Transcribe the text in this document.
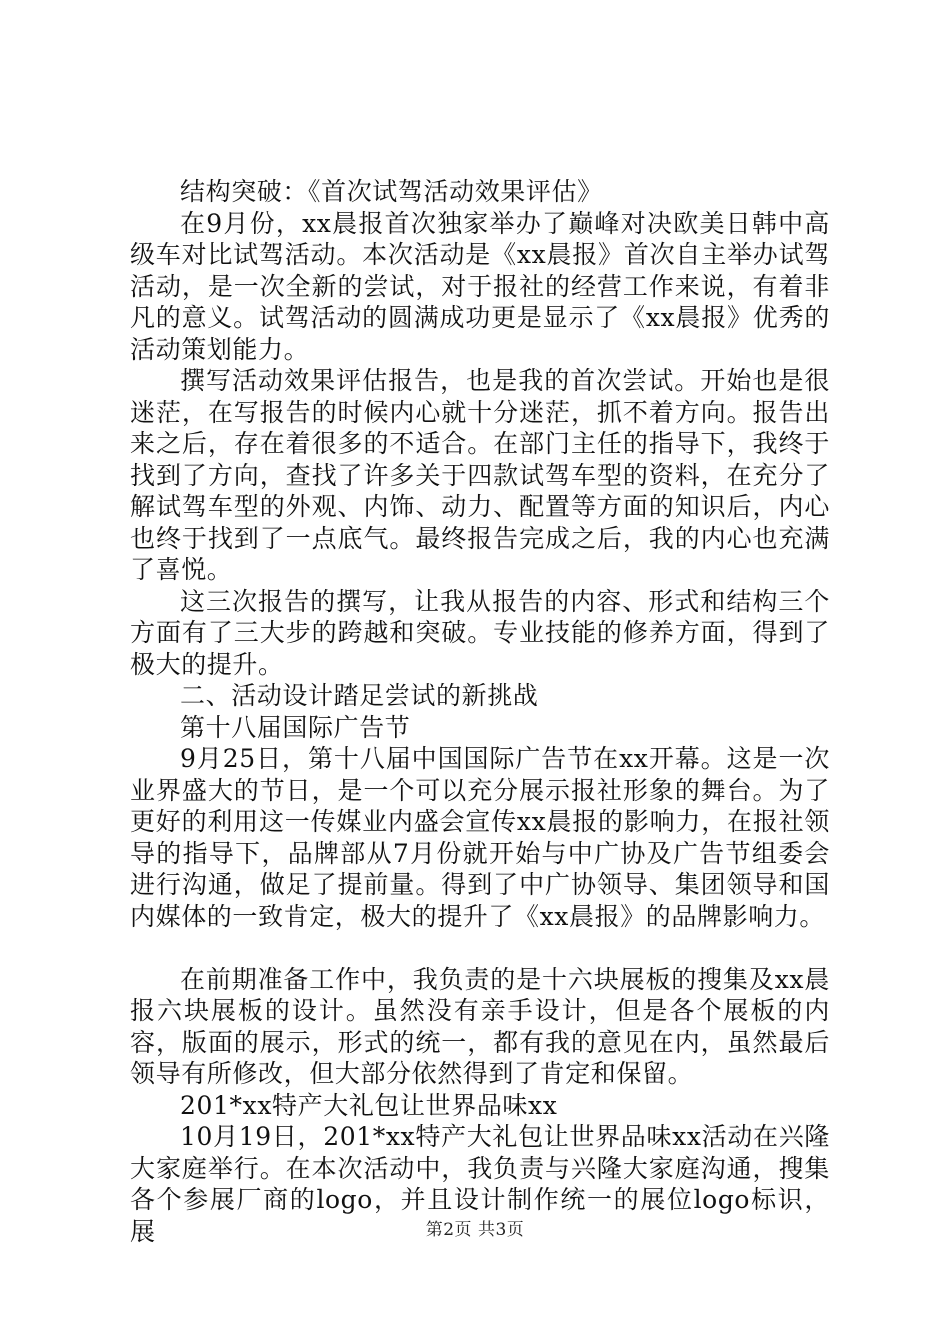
结构突破：《首次试驾活动效果评估》

在9月份，xx晨报首次独家举办了巅峰对决欧美日韩中高级车对比试驾活动。本次活动是《xx晨报》首次自主举办试驾活动，是一次全新的尝试，对于报社的经营工作来说，有着非凡的意义。试驾活动的圆满成功更是显示了《xx晨报》优秀的活动策划能力。

撰写活动效果评估报告，也是我的首次尝试。开始也是很迷茫，在写报告的时候内心就十分迷茫，抓不着方向。报告出来之后，存在着很多的不适合。在部门主任的指导下，我终于找到了方向，查找了许多关于四款试驾车型的资料，在充分了解试驾车型的外观、内饰、动力、配置等方面的知识后，内心也终于找到了一点底气。最终报告完成之后，我的内心也充满了喜悦。

这三次报告的撰写，让我从报告的内容、形式和结构三个方面有了三大步的跨越和突破。专业技能的修养方面，得到了极大的提升。

二、活动设计踏足尝试的新挑战

第十八届国际广告节

9月25日，第十八届中国国际广告节在xx开幕。这是一次业界盛大的节日，是一个可以充分展示报社形象的舞台。为了更好的利用这一传媒业内盛会宣传xx晨报的影响力，在报社领导的指导下，品牌部从7月份就开始与中广协及广告节组委会进行沟通，做足了提前量。得到了中广协领导、集团领导和国内媒体的一致肯定，极大的提升了《xx晨报》的品牌影响力。

在前期准备工作中，我负责的是十六块展板的搜集及xx晨报六块展板的设计。虽然没有亲手设计，但是各个展板的内容，版面的展示，形式的统一，都有我的意见在内，虽然最后领导有所修改，但大部分依然得到了肯定和保留。

201*xx特产大礼包让世界品味xx

10月19日，201*xx特产大礼包让世界品味xx活动在兴隆大家庭举行。在本次活动中，我负责与兴隆大家庭沟通，搜集各个参展厂商的logo，并且设计制作统一的展位logo标识，展	第2页 共3页
